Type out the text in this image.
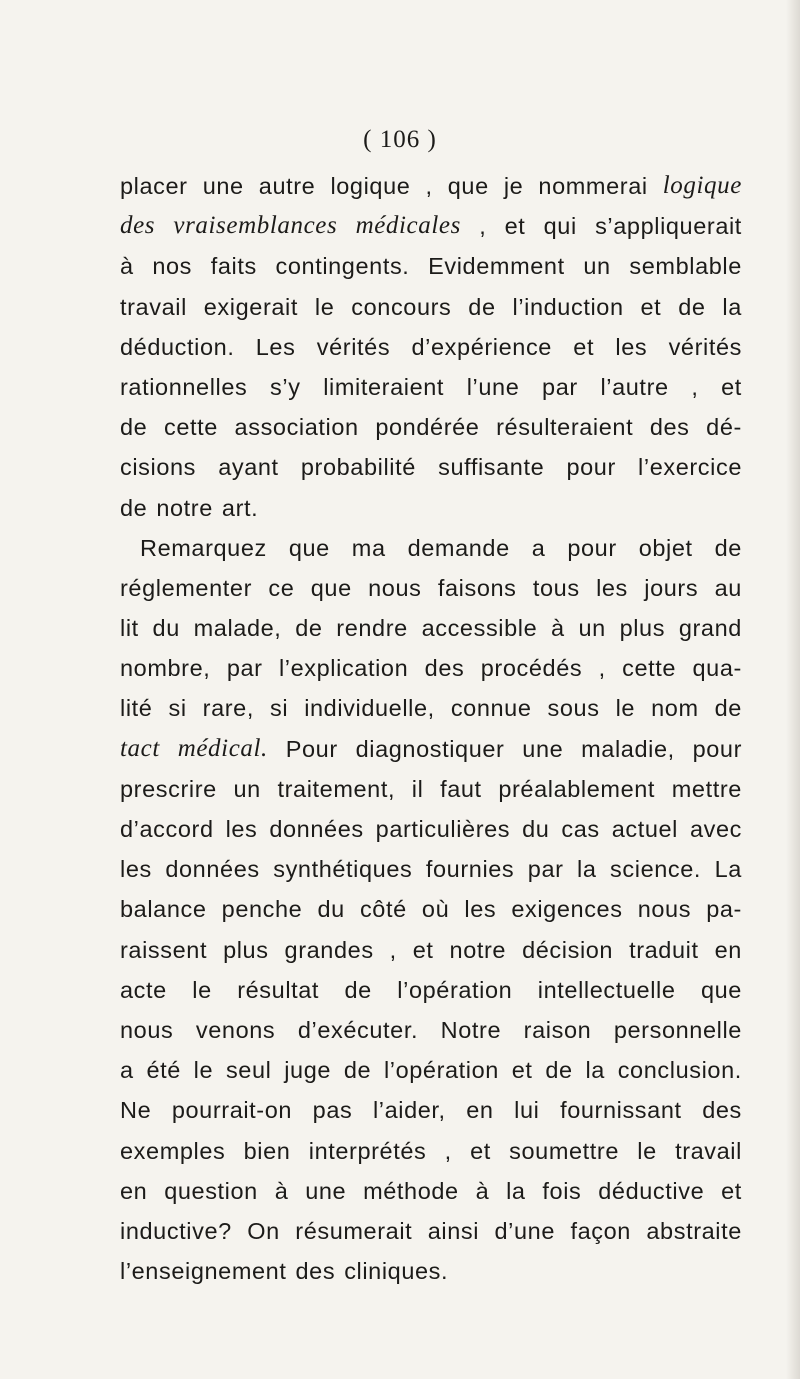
( 106 )
placer une autre logique , que je nommerai logique
des vraisemblances médicales , et qui s’appliquerait
à nos faits contingents. Evidemment un semblable
travail exigerait le concours de l’induction et de la
déduction. Les vérités d’expérience et les vérités
rationnelles s’y limiteraient l’une par l’autre , et
de cette association pondérée résulteraient des dé-
cisions ayant probabilité suffisante pour l’exercice
de notre art.
Remarquez que ma demande a pour objet de
réglementer ce que nous faisons tous les jours au
lit du malade, de rendre accessible à un plus grand
nombre, par l’explication des procédés , cette qua-
lité si rare, si individuelle, connue sous le nom de
tact médical. Pour diagnostiquer une maladie, pour
prescrire un traitement, il faut préalablement mettre
d’accord les données particulières du cas actuel avec
les données synthétiques fournies par la science. La
balance penche du côté où les exigences nous pa-
raissent plus grandes , et notre décision traduit en
acte le résultat de l’opération intellectuelle que
nous venons d’exécuter. Notre raison personnelle
a été le seul juge de l’opération et de la conclusion.
Ne pourrait-on pas l’aider, en lui fournissant des
exemples bien interprétés , et soumettre le travail
en question à une méthode à la fois déductive et
inductive? On résumerait ainsi d’une façon abstraite
l’enseignement des cliniques.
